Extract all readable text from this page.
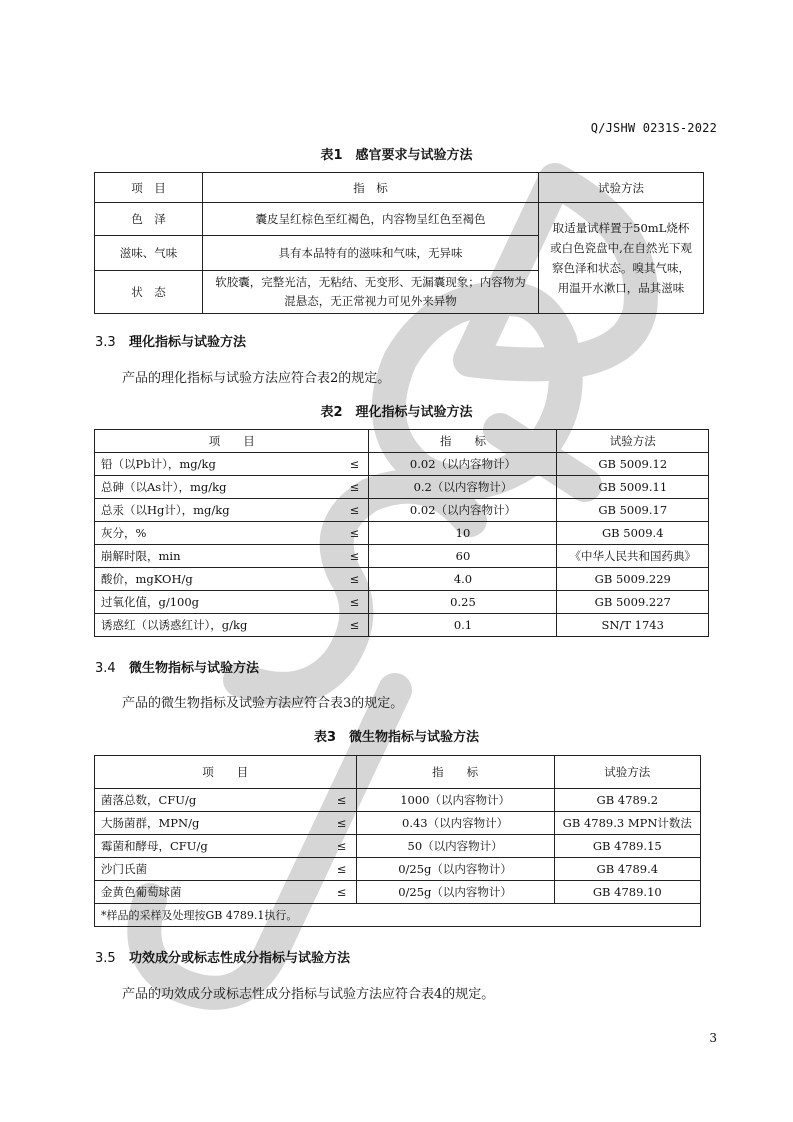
Q/JSHW 0231S-2022
表1　感官要求与试验方法
项　目	指　标	试验方法
色　泽	囊皮呈红棕色至红褐色，内容物呈红色至褐色	取适量试样置于50mL烧杯或白色瓷盘中,在自然光下观察色泽和状态。嗅其气味，用温开水漱口，品其滋味
滋味、气味	具有本品特有的滋味和气味，无异味	
状　态	软胶囊，完整光洁，无粘结、无变形、无漏囊现象；内容物为混悬态，无正常视力可见外来异物	
3.3 理化指标与试验方法
产品的理化指标与试验方法应符合表2的规定。
表2　理化指标与试验方法
项　　目		指　　标	试验方法
铅（以Pb计），mg/kg	≤	0.02（以内容物计）	GB 5009.12
总砷（以As计），mg/kg	≤	0.2（以内容物计）	GB 5009.11
总汞（以Hg计），mg/kg	≤	0.02（以内容物计）	GB 5009.17
灰分，%	≤	10	GB 5009.4
崩解时限，min	≤	60	《中华人民共和国药典》
酸价，mgKOH/g	≤	4.0	GB 5009.229
过氧化值，g/100g	≤	0.25	GB 5009.227
诱惑红（以诱惑红计），g/kg	≤	0.1	SN/T 1743
3.4 微生物指标与试验方法
产品的微生物指标及试验方法应符合表3的规定。
表3　微生物指标与试验方法
项　　目		指　　标	试验方法
菌落总数，CFU/g	≤	1000（以内容物计）	GB 4789.2
大肠菌群，MPN/g	≤	0.43（以内容物计）	GB 4789.3 MPN计数法
霉菌和酵母，CFU/g	≤	50（以内容物计）	GB 4789.15
沙门氏菌	≤	0/25g（以内容物计）	GB 4789.4
金黄色葡萄球菌	≤	0/25g（以内容物计）	GB 4789.10
*样品的采样及处理按GB 4789.1执行。			
3.5 功效成分或标志性成分指标与试验方法
产品的功效成分或标志性成分指标与试验方法应符合表4的规定。
3
